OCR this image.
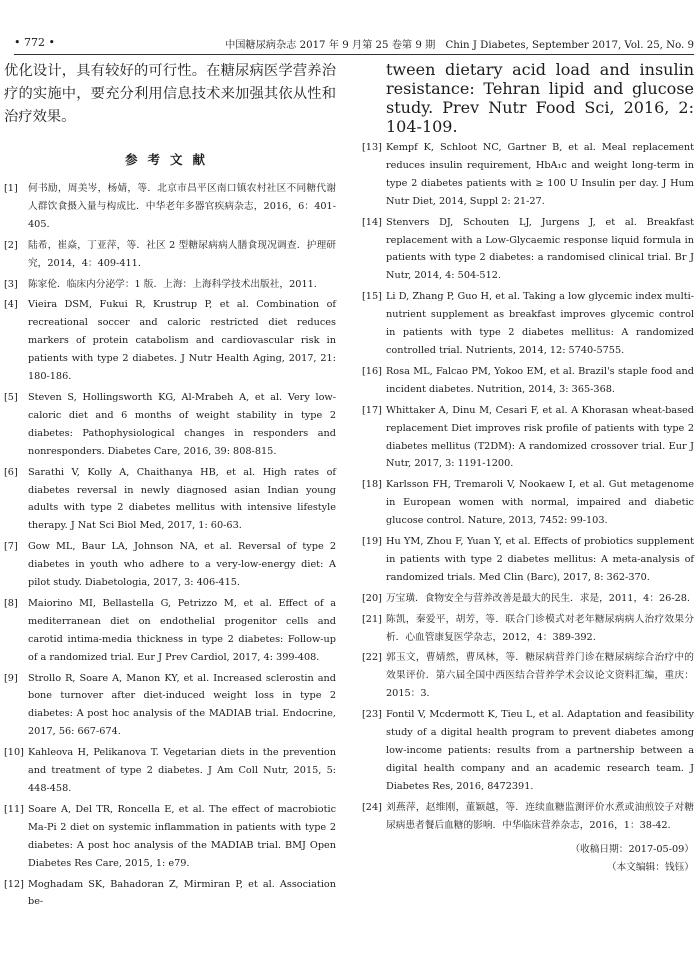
• 772 •	中国糖尿病杂志 2017 年 9 月第 25 卷第 9 期　Chin J Diabetes, September 2017, Vol. 25, No. 9

优化设计，具有较好的可行性。在糖尿病医学营养治疗的实施中，要充分利用信息技术来加强其依从性和治疗效果。

参考文献
[1]	何书励，周美岑，杨婧，等．北京市昌平区南口镇农村社区不同糖代谢人群饮食摄入量与构成比．中华老年多器官疾病杂志，2016，6：401-405.
[2]	陆希，崔焱，丁亚萍，等．社区 2 型糖尿病病人膳食现况调查．护理研究，2014，4：409-411.
[3]	陈家伦．临床内分泌学：1 版．上海：上海科学技术出版社，2011.
[4]	Vieira DSM, Fukui R, Krustrup P, et al. Combination of recreational soccer and caloric restricted diet reduces markers of protein catabolism and cardiovascular risk in patients with type 2 diabetes. J Nutr Health Aging, 2017, 21: 180-186.
[5]	Steven S, Hollingsworth KG, Al-Mrabeh A, et al. Very low-caloric diet and 6 months of weight stability in type 2 diabetes: Pathophysiological changes in responders and nonresponders. Diabetes Care, 2016, 39: 808-815.
[6]	Sarathi V, Kolly A, Chaithanya HB, et al. High rates of diabetes reversal in newly diagnosed asian Indian young adults with type 2 diabetes mellitus with intensive lifestyle therapy. J Nat Sci Biol Med, 2017, 1: 60-63.
[7]	Gow ML, Baur LA, Johnson NA, et al. Reversal of type 2 diabetes in youth who adhere to a very-low-energy diet: A pilot study. Diabetologia, 2017, 3: 406-415.
[8]	Maiorino MI, Bellastella G, Petrizzo M, et al. Effect of a mediterranean diet on endothelial progenitor cells and carotid intima-media thickness in type 2 diabetes: Follow-up of a randomized trial. Eur J Prev Cardiol, 2017, 4: 399-408.
[9]	Strollo R, Soare A, Manon KY, et al. Increased sclerostin and bone turnover after diet-induced weight loss in type 2 diabetes: A post hoc analysis of the MADIAB trial. Endocrine, 2017, 56: 667-674.
[10] Kahleova H, Pelikanova T. Vegetarian diets in the prevention and treatment of type 2 diabetes. J Am Coll Nutr, 2015, 5: 448-458.
[11] Soare A, Del TR, Roncella E, et al. The effect of macrobiotic Ma-Pi 2 diet on systemic inflammation in patients with type 2 diabetes: A post hoc analysis of the MADIAB trial. BMJ Open Diabetes Res Care, 2015, 1: e79.
[12] Moghadam SK, Bahadoran Z, Mirmiran P, et al. Association be-
tween dietary acid load and insulin resistance: Tehran lipid and glucose study. Prev Nutr Food Sci, 2016, 2: 104-109.
[13] Kempf K, Schloot NC, Gartner B, et al. Meal replacement reduces insulin requirement, HbA₁c and weight long-term in type 2 diabetes patients with ≥ 100 U Insulin per day. J Hum Nutr Diet, 2014, Suppl 2: 21-27.
[14] Stenvers DJ, Schouten LJ, Jurgens J, et al. Breakfast replacement with a Low-Glycaemic response liquid formula in patients with type 2 diabetes: a randomised clinical trial. Br J Nutr, 2014, 4: 504-512.
[15] Li D, Zhang P, Guo H, et al. Taking a low glycemic index multi-nutrient supplement as breakfast improves glycemic control in patients with type 2 diabetes mellitus: A randomized controlled trial. Nutrients, 2014, 12: 5740-5755.
[16] Rosa ML, Falcao PM, Yokoo EM, et al. Brazil's staple food and incident diabetes. Nutrition, 2014, 3: 365-368.
[17] Whittaker A, Dinu M, Cesari F, et al. A Khorasan wheat-based replacement Diet improves risk profile of patients with type 2 diabetes mellitus (T2DM): A randomized crossover trial. Eur J Nutr, 2017, 3: 1191-1200.
[18] Karlsson FH, Tremaroli V, Nookaew I, et al. Gut metagenome in European women with normal, impaired and diabetic glucose control. Nature, 2013, 7452: 99-103.
[19] Hu YM, Zhou F, Yuan Y, et al. Effects of probiotics supplement in patients with type 2 diabetes mellitus: A meta-analysis of randomized trials. Med Clin (Barc), 2017, 8: 362-370.
[20] 万宝璜．食物安全与营养改善是最大的民生．求是，2011，4：26-28.
[21] 陈凯，秦爱平，胡芳，等．联合门诊模式对老年糖尿病病人治疗效果分析．心血管康复医学杂志，2012，4：389-392.
[22] 郭玉文，曹婧然，曹凤林，等．糖尿病营养门诊在糖尿病综合治疗中的效果评价．第六届全国中西医结合营养学术会议论文资料汇编，重庆：2015：3.
[23] Fontil V, Mcdermott K, Tieu L, et al. Adaptation and feasibility study of a digital health program to prevent diabetes among low-income patients: results from a partnership between a digital health company and an academic research team. J Diabetes Res, 2016, 8472391.
[24] 刘燕萍，赵维刚，董颖越，等．连续血糖监测评价水煮或油煎饺子对糖尿病患者餐后血糖的影响．中华临床营养杂志，2016，1：38-42.
（收稿日期：2017-05-09）
（本文编辑：钱钰）
